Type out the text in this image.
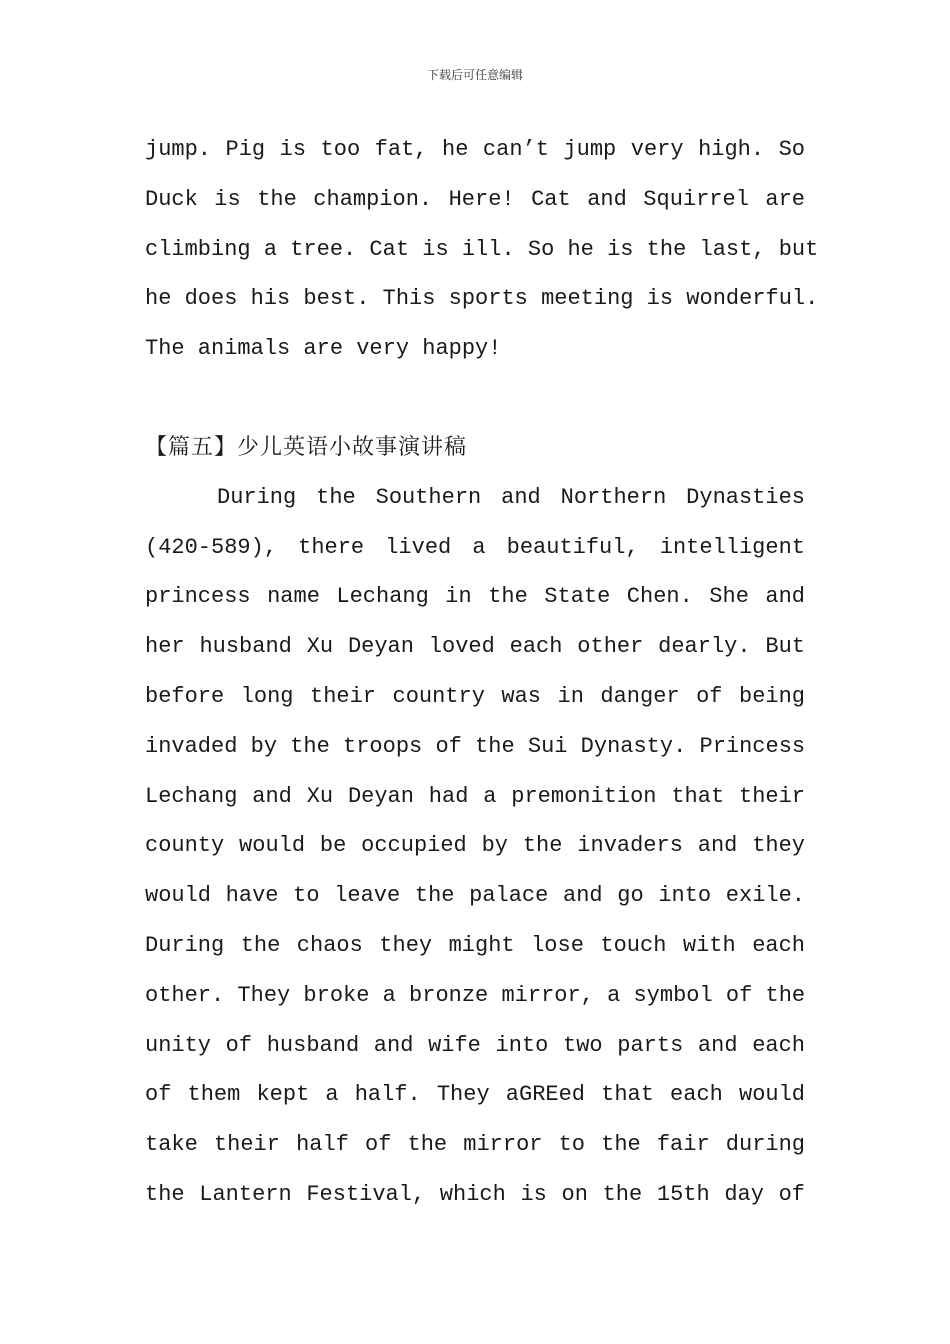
下载后可任意编辑

jump. Pig is too fat, he can’t jump very high. So

Duck is the champion. Here! Cat and Squirrel are

climbing a tree. Cat is ill. So he is the last, but

he does his best. This sports meeting is wonderful.

The animals are very happy!

【篇五】少儿英语小故事演讲稿

During the Southern and Northern Dynasties

(420-589), there lived a beautiful, intelligent

princess name Lechang in the State Chen. She and

her husband Xu Deyan loved each other dearly. But

before long their country was in danger of being

invaded by the troops of the Sui Dynasty. Princess

Lechang and Xu Deyan had a premonition that their

county would be occupied by the invaders and they

would have to leave the palace and go into exile.

During the chaos they might lose touch with each

other. They broke a bronze mirror, a symbol of the

unity of husband and wife into two parts and each

of them kept a half. They aGREed that each would

take their half of the mirror to the fair during

the Lantern Festival, which is on the 15th day of
